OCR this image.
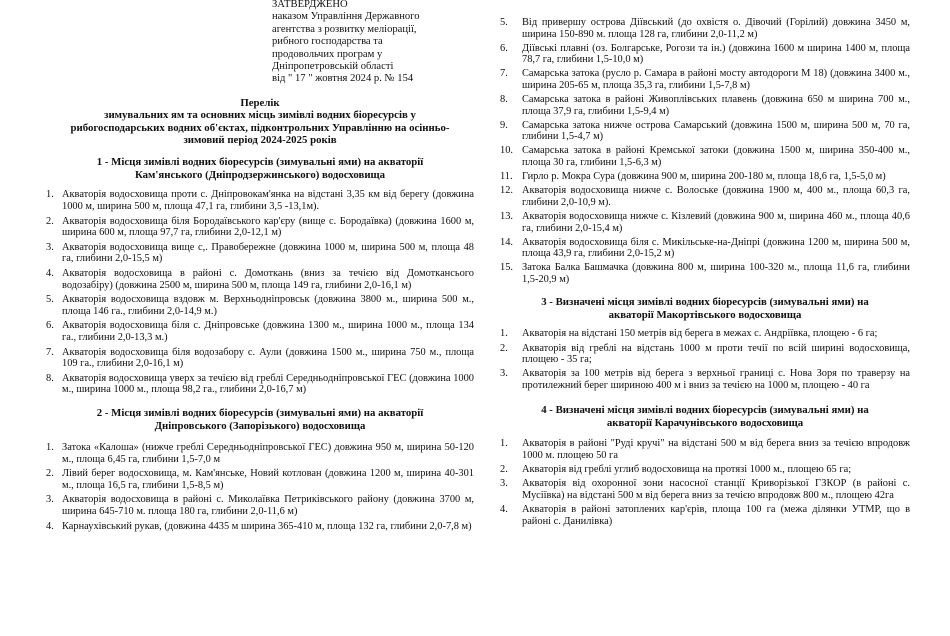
ЗАТВЕРДЖЕНО
наказом Управління Державного
агентства з розвитку меліорації,
рибного господарства та
продовольчих програм у
Дніпропетровській області
від " 17 " жовтня 2024 р. № 154
Перелік
зимувальних ям та основних місць зимівлі водних біоресурсів у
рибогосподарських водних об'єктах, підконтрольних Управлінню на осінньо-
зимовий період 2024-2025 років
1 - Місця зимівлі водних біоресурсів (зимувальні ями) на акваторії
Кам'янського (Дніпродзержинського) водосховища
1 . Акваторія водосховища проти с. Дніпровокам'янка на відстані 3,35 км від берегу (довжина 1000 м, ширина 500 м, площа 47,1 га, глибини 3,5 -13,1м).
2 . Акваторія водосховища біля Бородаївського кар'єру (вище с. Бородаївка) (довжина 1600 м, ширина 600 м, площа 97,7 га, глибини 2,0-12,1 м)
3 . Акваторія водосховища вище с,. Правобережне (довжина 1000 м, ширина 500 м, площа 48 га, глибини 2,0-15,5 м)
4 . Акваторія водосховища в районі с. Домоткань (вниз за течією від Домоткансього водозабіру) (довжина 2500 м, ширина 500 м, площа 149 га, глибини 2,0-16,1 м)
5 . Акваторія водосховища вздовж м. Верхньодніпровськ (довжина 3800 м., ширина 500 м., площа 146 га., глибини 2,0-14,9 м.)
6 . Акваторія водосховища біля с. Дніпровське (довжина 1300 м., ширина 1000 м., площа 134 га., глибини 2,0-13,3 м.)
7 . Акваторія водосховища біля водозабору с. Аули (довжина 1500 м., ширина 750 м., площа 109 га., глибини 2,0-16,1 м)
8 . Акваторія водосховища уверх за течією від греблі Середньодніпровської ГЕС (довжина 1000 м., ширина 1000 м., площа 98,2 га., глибини 2,0-16,7 м)
2 - Місця зимівлі водних біоресурсів (зимувальні ями) на акваторії
Дніпровського (Запорізького) водосховища
1 . Затока «Калоша» (нижче греблі Середньодніпровської ГЕС) довжина 950 м, ширина 50-120 м., площа 6,45 га, глибини 1,5-7,0 м
2 . Лівий берег водосховища, м. Кам'янське, Новий котлован (довжина 1200 м, ширина 40-301 м., площа 16,5 га, глибини 1,5-8,5 м)
3 . Акваторія водосховища в районі с. Миколаївка Петриківського району (довжина 3700 м, ширина 645-710 м. площа 180 га, глибини 2,0-11,6 м)
4 . Карнаухівський рукав, (довжина 4435 м ширина 365-410 м, площа 132 га, глибини 2,0-7,8 м)
5 . Від привершу острова Діївський (до охвістя о. Дівочий (Горілий) довжина 3450 м, ширина 150-890 м. площа 128 га, глибини 2,0-11,2 м)
6 . Діївські плавні (оз. Болгарське, Рогози та ін.) (довжина 1600 м ширина 1400 м, площа 78,7 га, глибини 1,5-10,0 м)
7 . Самарська затока (русло р. Самара в районі мосту автодороги М 18) (довжина 3400 м., ширина 205-65 м, площа 35,3 га, глибини 1,5-7,8 м)
8 . Самарська затока в районі Живоплівських плавень (довжина 650 м ширина 700 м., площа 37,9 га, глибини 1,5-9,4 м)
9 . Самарська затока нижче острова Самарський (довжина 1500 м, ширина 500 м, 70 га, глибини 1,5-4,7 м)
10 . Самарська затока в районі Кремської затоки (довжина 1500 м, ширина 350-400 м., площа 30 га, глибини 1,5-6,3 м)
11 . Гирло р. Мокра Сура (довжина 900 м, ширина 200-180 м, площа 18,6 га, 1,5-5,0 м)
12 . Акваторія водосховища нижче с. Волоське (довжина 1900 м, 400 м., площа 60,3 га, глибини 2,0-10,9 м).
13 . Акваторія водосховища нижче с. Кізлевий (довжина 900 м, ширина 460 м., площа 40,6 га, глибини 2,0-15,4 м)
14 . Акваторія водосховища біля с. Микільське-на-Дніпрі (довжина 1200 м, ширина 500 м, площа 43,9 га, глибини 2,0-15,2 м)
15 . Затока Балка Башмачка (довжина 800 м, ширина 100-320 м., площа 11,6 га, глибини 1,5-20,9 м)
3 - Визначені місця зимівлі водних біоресурсів (зимувальні ями) на
акваторії Макортівського водосховища
1 . Акваторія на відстані 150 метрів від берега в межах с. Андріївка, площею - 6 га;
2 . Акваторія від греблі на відстань 1000 м проти течії по всій ширині водосховища, площею - 35 га;
3 . Акваторія за 100 метрів від берега з верхньої границі с. Нова Зоря по траверзу на протилежний берег шириною 400 м і вниз за течією на 1000 м, площею - 40 га
4 - Визначені місця зимівлі водних біоресурсів (зимувальні ями) на
акваторії Карачунівського водосховища
1 . Акваторія в районі "Руді кручі" на відстані 500 м від берега вниз за течією впродовж 1000 м. площею 50 га
2 . Акваторія від греблі углиб водосховища на протязі 1000 м., площею 65 га;
3 . Акваторія від охоронної зони насосної станції Криворізької ГЗКОР (в районі с. Мусіївка) на відстані 500 м від берега вниз за течією впродовж 800 м., площею 42га
4 . Акваторія в районі затоплених кар'єрів, площа 100 га (межа ділянки УТМР, що в районі с. Данилівка)
